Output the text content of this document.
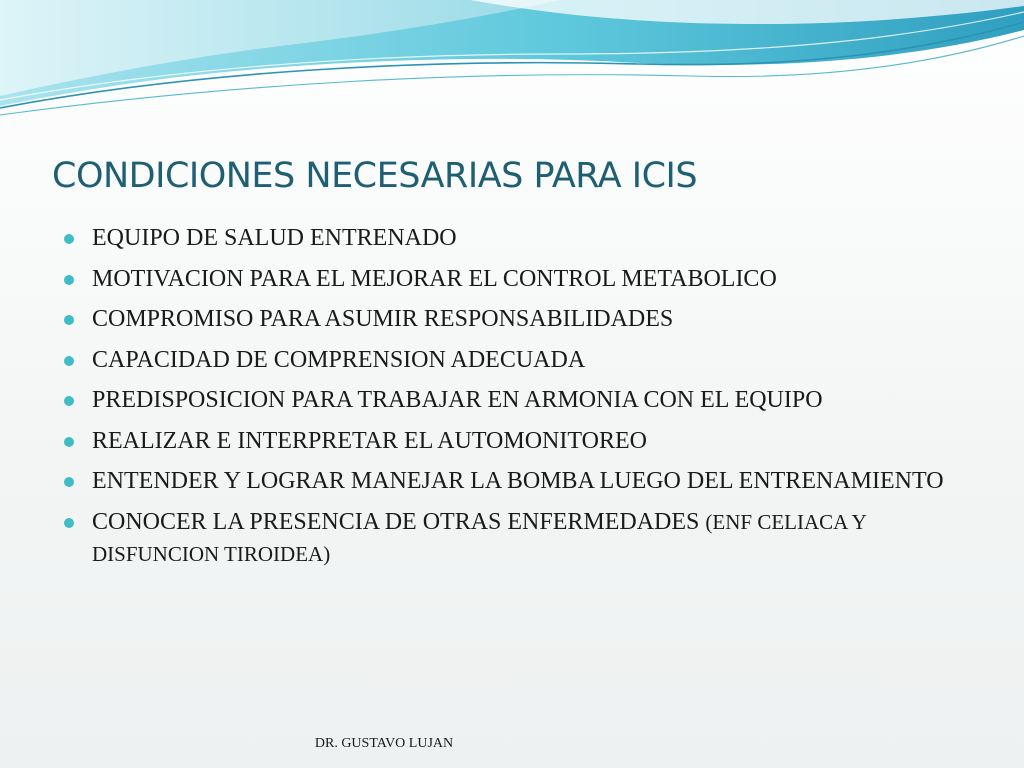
CONDICIONES NECESARIAS PARA ICIS
EQUIPO DE SALUD ENTRENADO
MOTIVACION PARA EL MEJORAR EL CONTROL METABOLICO
COMPROMISO PARA ASUMIR RESPONSABILIDADES
CAPACIDAD DE COMPRENSION ADECUADA
PREDISPOSICION PARA TRABAJAR EN ARMONIA CON EL EQUIPO
REALIZAR E INTERPRETAR EL AUTOMONITOREO
ENTENDER Y LOGRAR MANEJAR LA BOMBA LUEGO DEL ENTRENAMIENTO
CONOCER LA PRESENCIA DE OTRAS ENFERMEDADES (ENF CELIACA Y DISFUNCION TIROIDEA)
DR. GUSTAVO LUJAN
